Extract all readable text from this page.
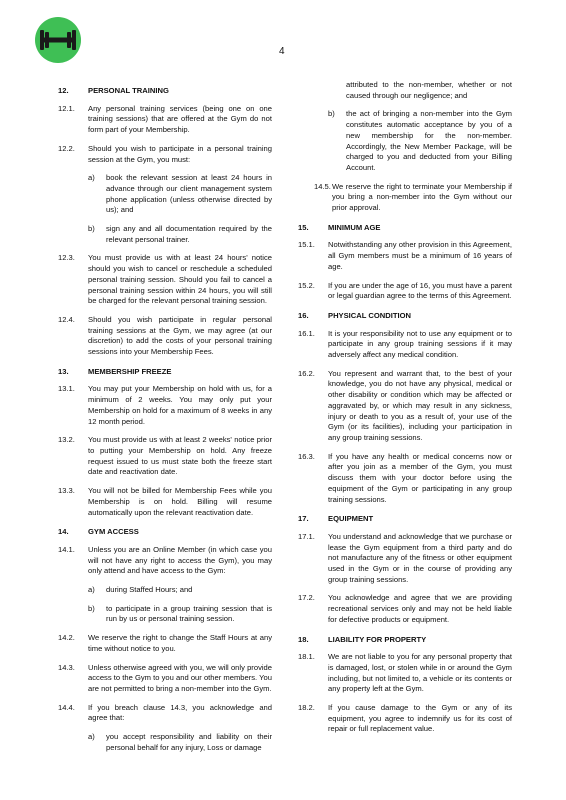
4
12.	PERSONAL TRAINING
12.1. Any personal training services (being one on one training sessions) that are offered at the Gym do not form part of your Membership.
12.2. Should you wish to participate in a personal training session at the Gym, you must:
a) book the relevant session at least 24 hours in advance through our client management system phone application (unless otherwise directed by us); and
b) sign any and all documentation required by the relevant personal trainer.
12.3. You must provide us with at least 24 hours' notice should you wish to cancel or reschedule a scheduled personal training session. Should you fail to cancel a personal training session within 24 hours, you will still be charged for the relevant personal training session.
12.4. Should you wish participate in regular personal training sessions at the Gym, we may agree (at our discretion) to add the costs of your personal training sessions into your Membership Fees.
13.	MEMBERSHIP FREEZE
13.1. You may put your Membership on hold with us, for a minimum of 2 weeks. You may only put your Membership on hold for a maximum of 8 weeks in any 12 month period.
13.2. You must provide us with at least 2 weeks' notice prior to putting your Membership on hold. Any freeze request issued to us must state both the freeze start date and reactivation date.
13.3. You will not be billed for Membership Fees while you Membership is on hold. Billing will resume automatically upon the relevant reactivation date.
14.	GYM ACCESS
14.1. Unless you are an Online Member (in which case you will not have any right to access the Gym), you may only attend and have access to the Gym:
a) during Staffed Hours; and
b) to participate in a group training session that is run by us or personal training session.
14.2. We reserve the right to change the Staff Hours at any time without notice to you.
14.3. Unless otherwise agreed with you, we will only provide access to the Gym to you and our other members. You are not permitted to bring a non-member into the Gym.
14.4. If you breach clause 14.3, you acknowledge and agree that:
a) you accept responsibility and liability on their personal behalf for any injury, Loss or damage
attributed to the non-member, whether or not caused through our negligence; and
b) the act of bringing a non-member into the Gym constitutes automatic acceptance by you of a new membership for the non-member. Accordingly, the New Member Package, will be charged to you and deducted from your Billing Account.
14.5. We reserve the right to terminate your Membership if you bring a non-member into the Gym without our prior approval.
15.	MINIMUM AGE
15.1. Notwithstanding any other provision in this Agreement, all Gym members must be a minimum of 16 years of age.
15.2. If you are under the age of 16, you must have a parent or legal guardian agree to the terms of this Agreement.
16.	PHYSICAL CONDITION
16.1. It is your responsibility not to use any equipment or to participate in any group training sessions if it may adversely affect any medical condition.
16.2. You represent and warrant that, to the best of your knowledge, you do not have any physical, medical or other disability or condition which may be affected or aggravated by, or which may result in any sickness, injury or death to you as a result of, your use of the Gym (or its facilities), including your participation in any group training sessions.
16.3. If you have any health or medical concerns now or after you join as a member of the Gym, you must discuss them with your doctor before using the equipment of the Gym or participating in any group training sessions.
17.	EQUIPMENT
17.1. You understand and acknowledge that we purchase or lease the Gym equipment from a third party and do not manufacture any of the fitness or other equipment used in the Gym or in the course of providing any group training sessions.
17.2. You acknowledge and agree that we are providing recreational services only and may not be held liable for defective products or equipment.
18.	LIABILITY FOR PROPERTY
18.1. We are not liable to you for any personal property that is damaged, lost, or stolen while in or around the Gym including, but not limited to, a vehicle or its contents or any property left at the Gym.
18.2. If you cause damage to the Gym or any of its equipment, you agree to indemnify us for its cost of repair or full replacement value.
